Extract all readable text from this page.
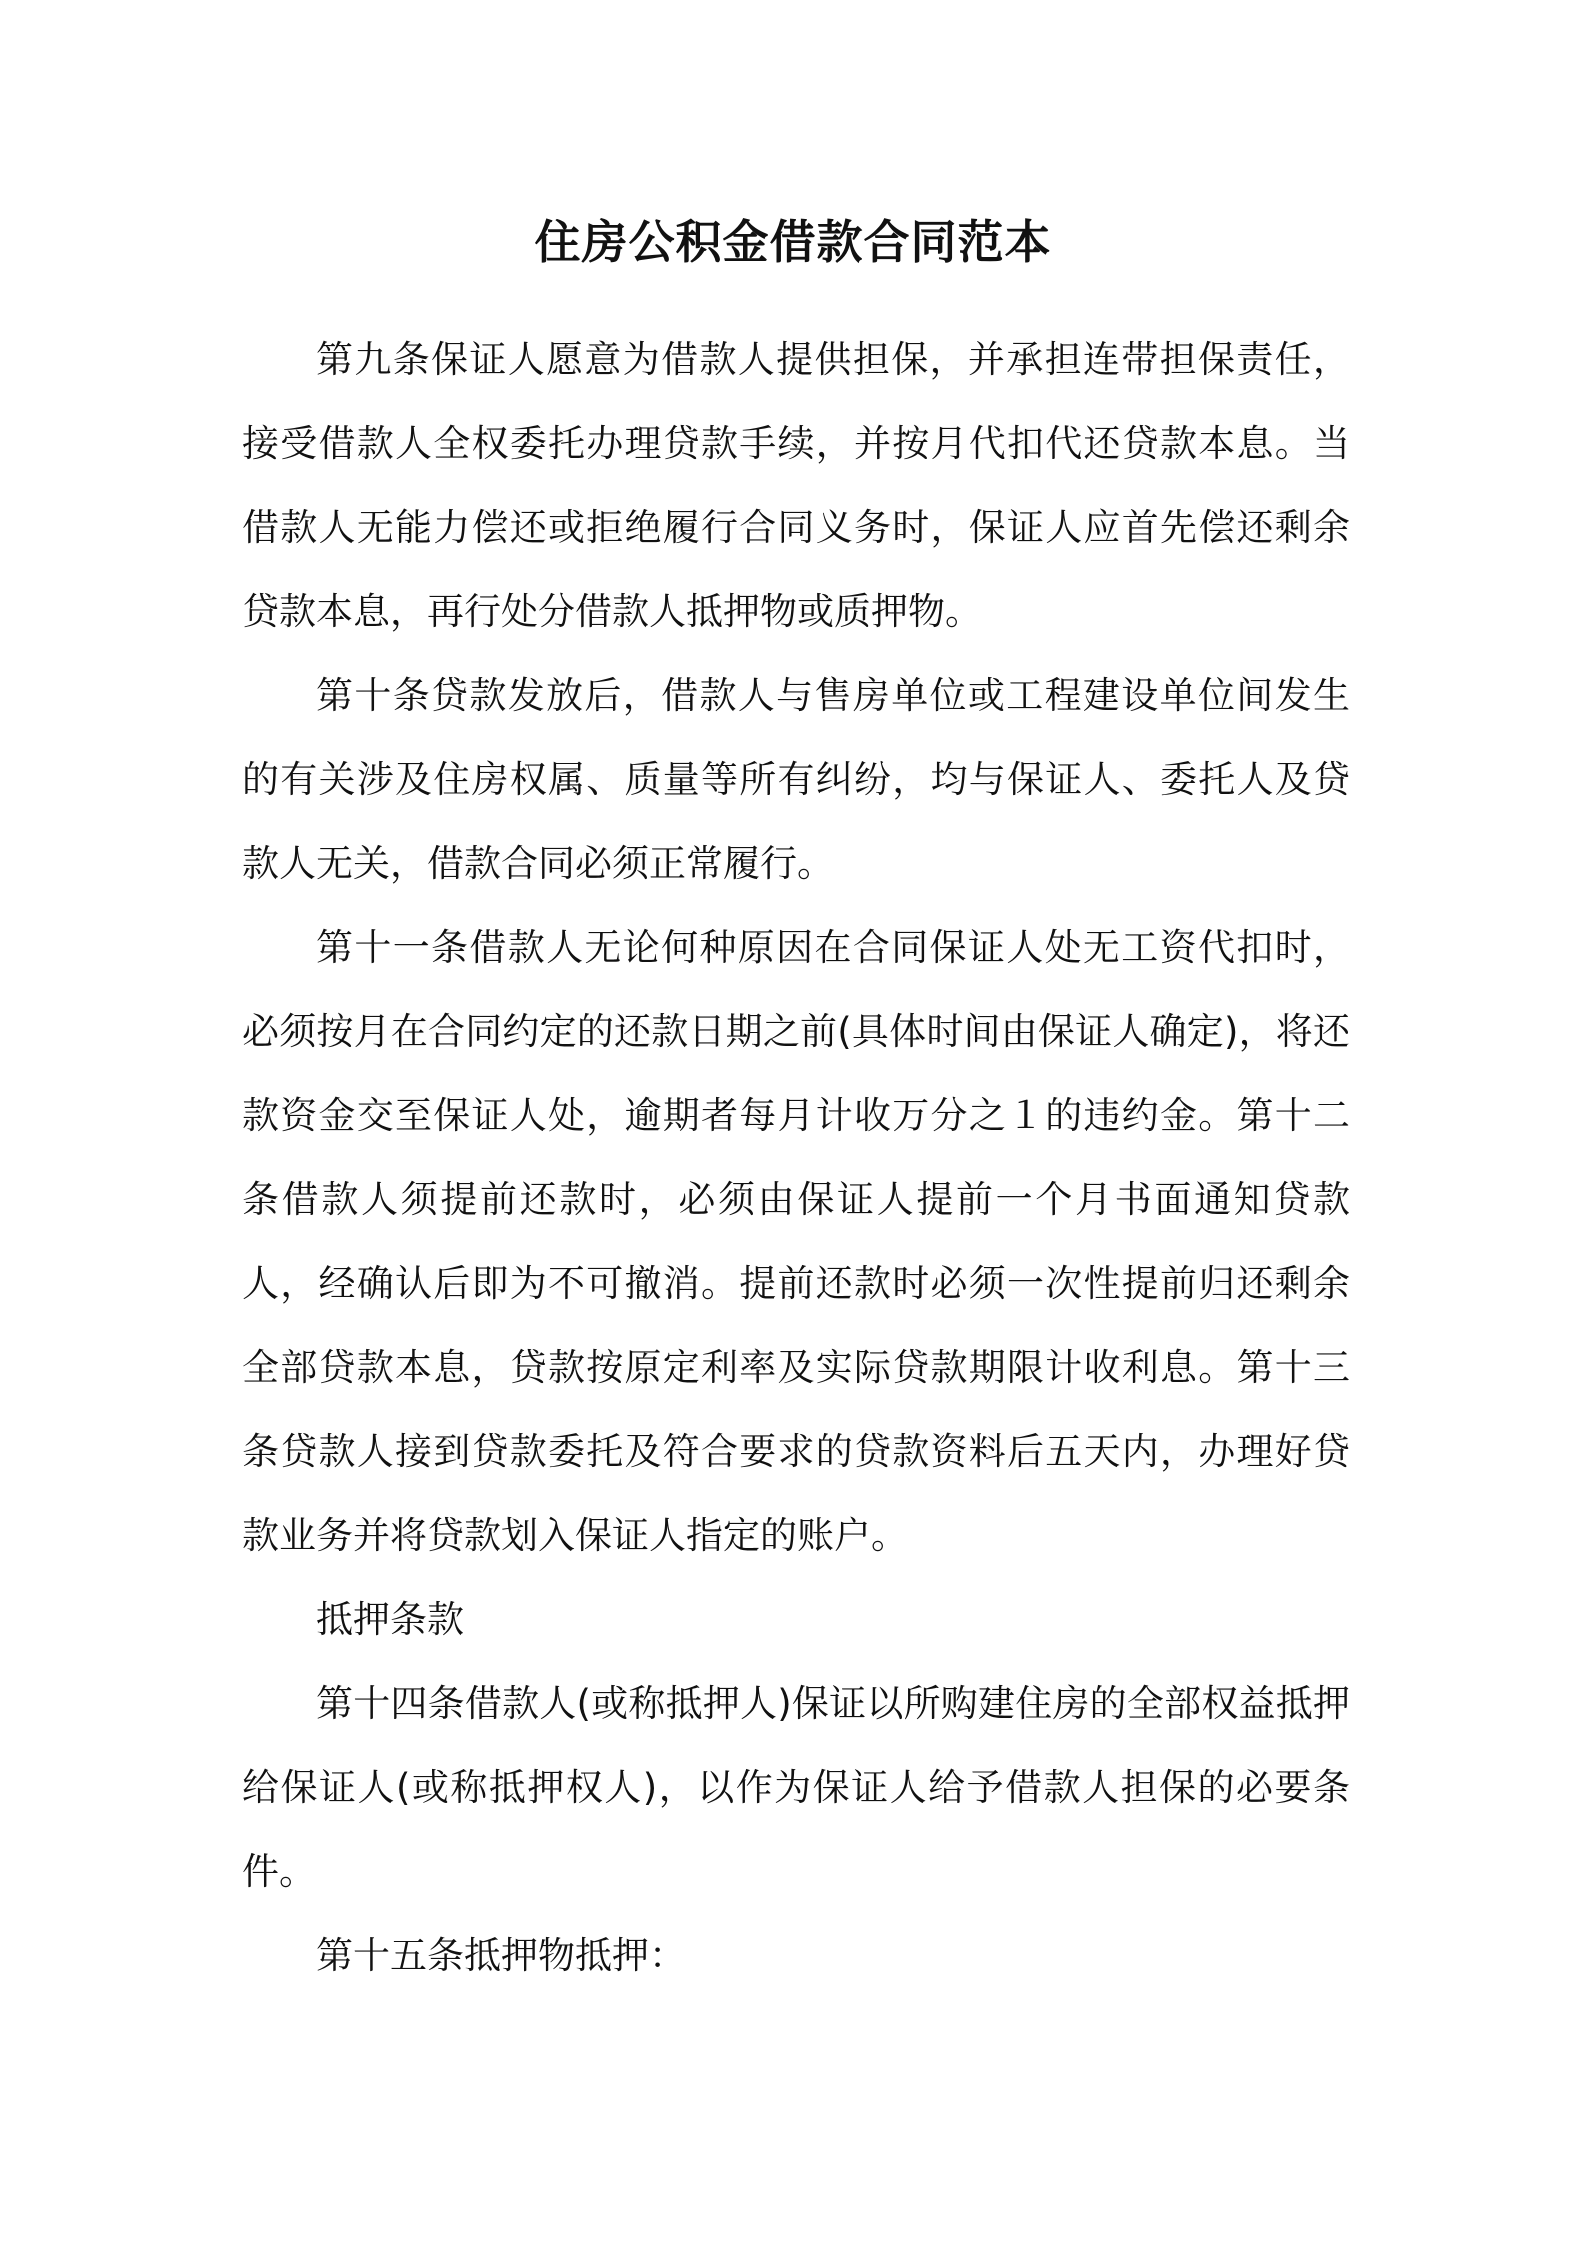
住房公积金借款合同范本

第九条保证人愿意为借款人提供担保，并承担连带担保责任，接受借款人全权委托办理贷款手续，并按月代扣代还贷款本息。当借款人无能力偿还或拒绝履行合同义务时，保证人应首先偿还剩余贷款本息，再行处分借款人抵押物或质押物。

第十条贷款发放后，借款人与售房单位或工程建设单位间发生的有关涉及住房权属、质量等所有纠纷，均与保证人、委托人及贷款人无关，借款合同必须正常履行。

第十一条借款人无论何种原因在合同保证人处无工资代扣时，必须按月在合同约定的还款日期之前(具体时间由保证人确定)，将还款资金交至保证人处，逾期者每月计收万分之１的违约金。第十二条借款人须提前还款时，必须由保证人提前一个月书面通知贷款人，经确认后即为不可撤消。提前还款时必须一次性提前归还剩余全部贷款本息，贷款按原定利率及实际贷款期限计收利息。第十三条贷款人接到贷款委托及符合要求的贷款资料后五天内，办理好贷款业务并将贷款划入保证人指定的账户。

抵押条款

第十四条借款人(或称抵押人)保证以所购建住房的全部权益抵押给保证人(或称抵押权人)，以作为保证人给予借款人担保的必要条件。

第十五条抵押物抵押：
